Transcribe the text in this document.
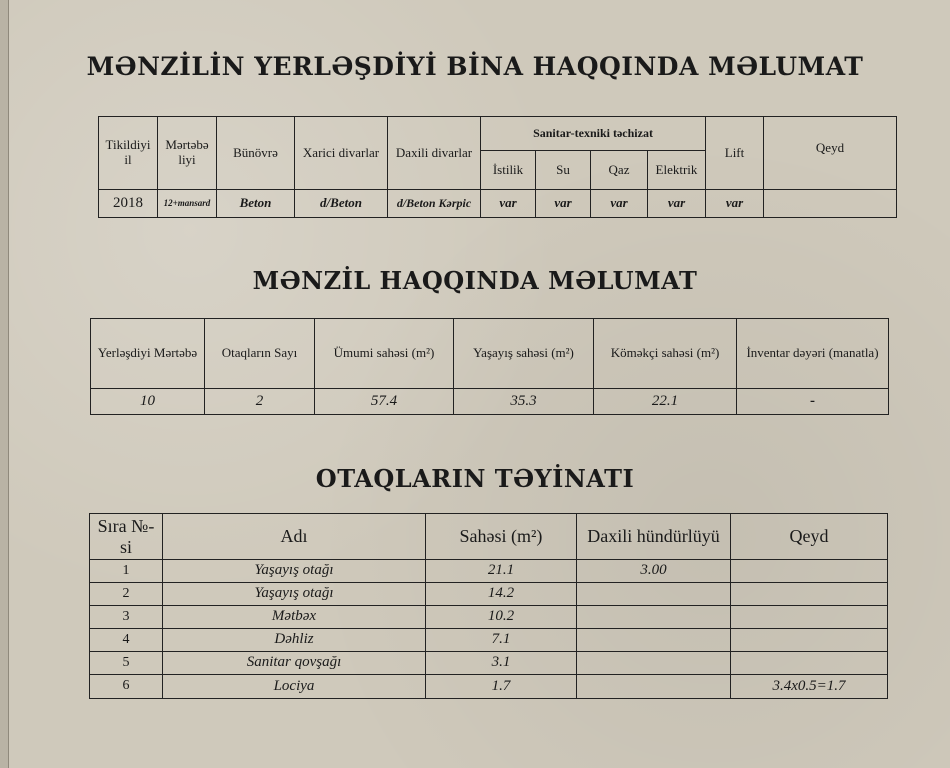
MƏNZİLİN YERLƏŞDİYİ BİNA HAQQINDA MƏLUMAT
Tikildiyi il	Mərtəbə liyi	Bünövrə	Xarici divarlar	Daxili divarlar	Sanitar-texniki təchizat				Lift	Qeyd
					İstilik	Su	Qaz	Elektrik		
2018	12+mansard	Beton	d/Beton	d/Beton Kərpic	var	var	var	var	var	
MƏNZİL HAQQINDA MƏLUMAT
Yerləşdiyi Mərtəbə	Otaqların Sayı	Ümumi sahəsi (m²)	Yaşayış sahəsi (m²)	Köməkçi sahəsi (m²)	İnventar dəyəri (manatla)
10	2	57.4	35.3	22.1	-
OTAQLARIN TƏYİNATI
Sıra №-si	Adı	Sahəsi (m²)	Daxili hündürlüyü	Qeyd
1	Yaşayış otağı	21.1	3.00	
2	Yaşayış otağı	14.2		
3	Mətbəx	10.2		
4	Dəhliz	7.1		
5	Sanitar qovşağı	3.1		
6	Lociya	1.7		3.4x0.5=1.7
